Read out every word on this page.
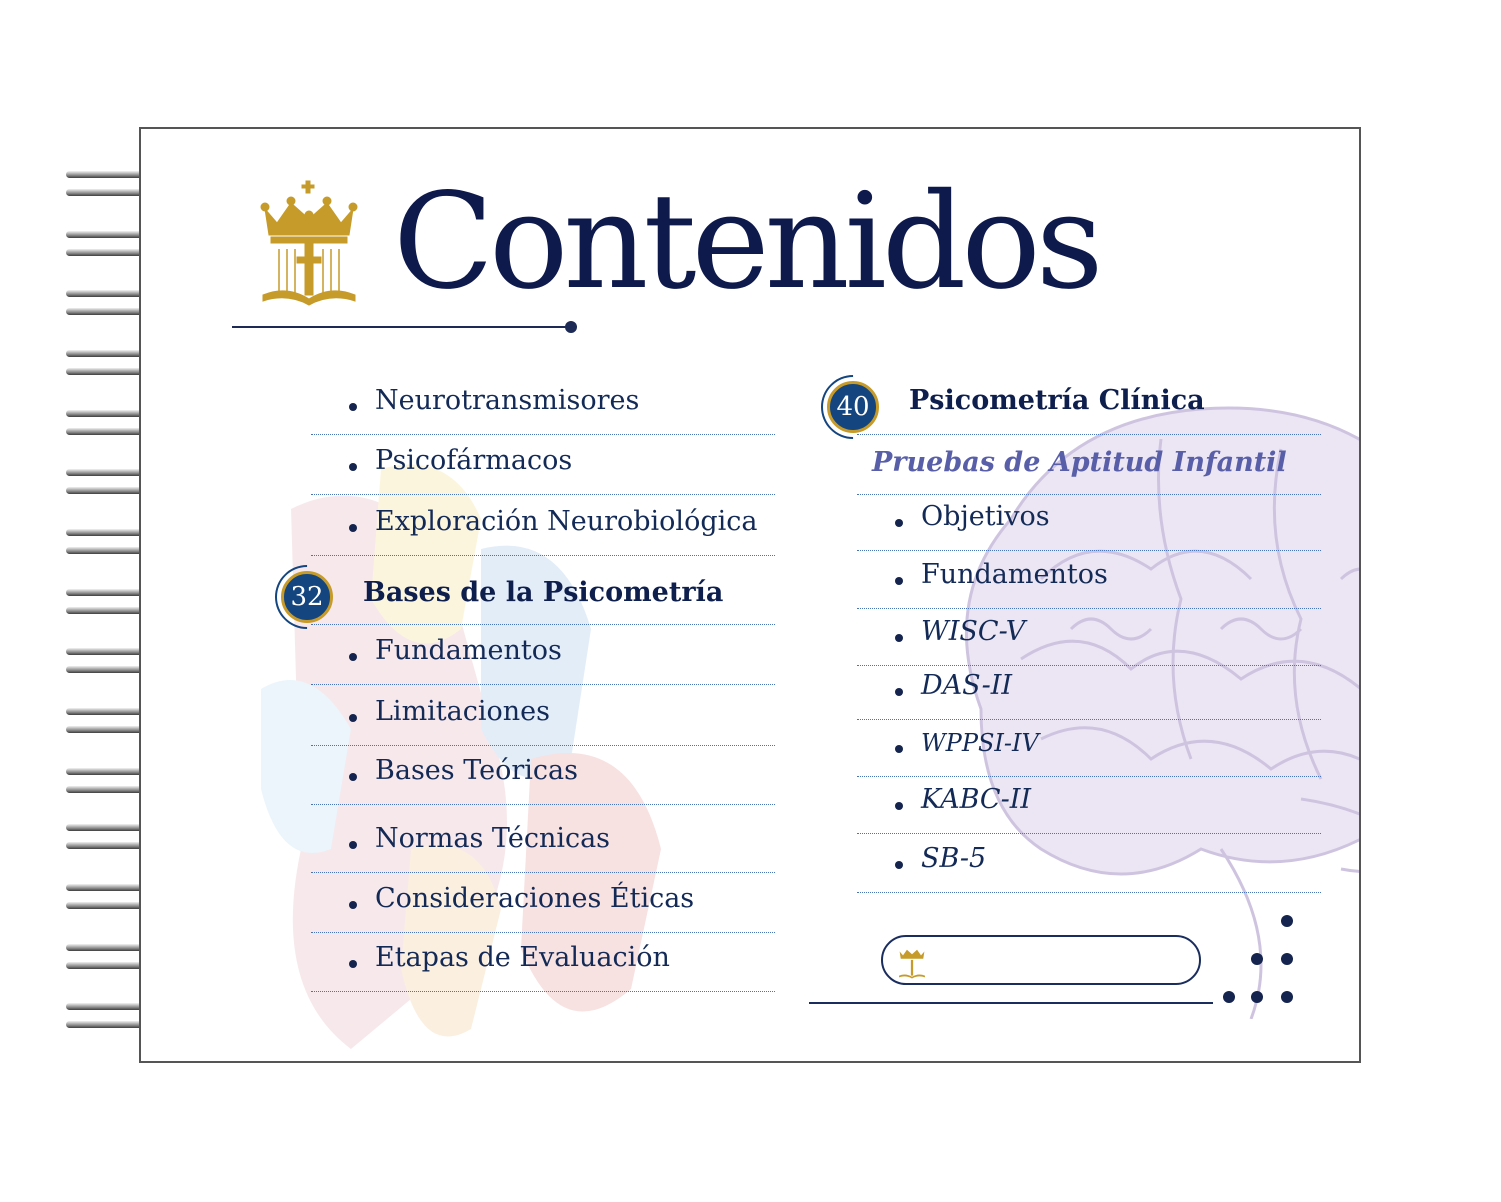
Contenidos
Neurotransmisores
Psicofármacos
Exploración Neurobiológica
32	Bases de la Psicometría
Fundamentos
Limitaciones
Bases Teóricas
Normas Técnicas
Consideraciones Éticas
Etapas de Evaluación
40	Psicometría Clínica
Pruebas de Aptitud Infantil
Objetivos
Fundamentos
WISC-V
DAS-II
WPPSI-IV
KABC-II
SB-5
